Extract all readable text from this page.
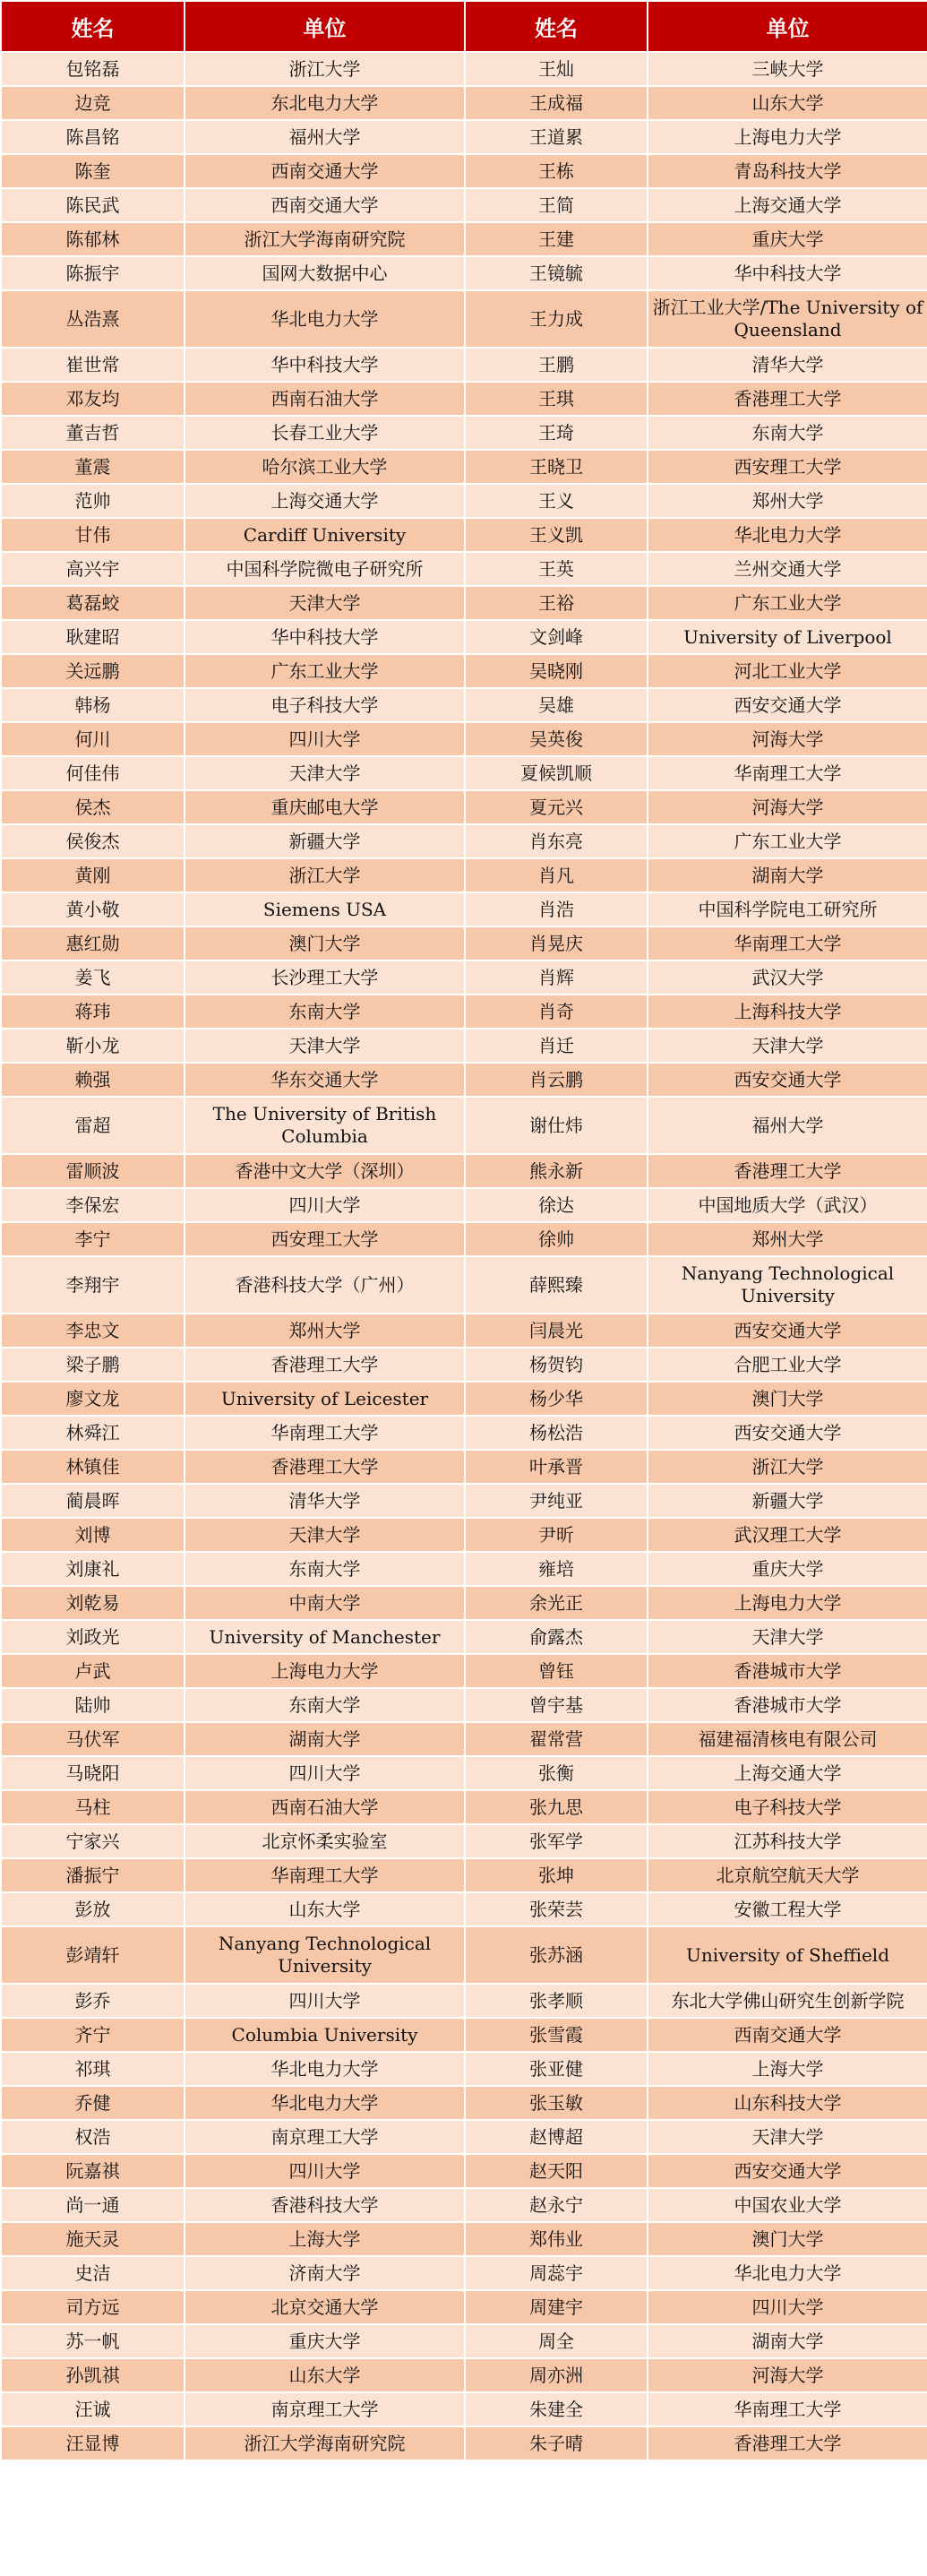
姓名	单位	姓名	单位
包铭磊	浙江大学	王灿	三峡大学
边竞	东北电力大学	王成福	山东大学
陈昌铭	福州大学	王道累	上海电力大学
陈奎	西南交通大学	王栋	青岛科技大学
陈民武	西南交通大学	王简	上海交通大学
陈郁林	浙江大学海南研究院	王建	重庆大学
陈振宇	国网大数据中心	王镜毓	华中科技大学
丛浩熹	华北电力大学	王力成	浙江工业大学/The University of Queensland
崔世常	华中科技大学	王鹏	清华大学
邓友均	西南石油大学	王琪	香港理工大学
董吉哲	长春工业大学	王琦	东南大学
董震	哈尔滨工业大学	王晓卫	西安理工大学
范帅	上海交通大学	王义	郑州大学
甘伟	Cardiff University	王义凯	华北电力大学
高兴宇	中国科学院微电子研究所	王英	兰州交通大学
葛磊蛟	天津大学	王裕	广东工业大学
耿建昭	华中科技大学	文剑峰	University of Liverpool
关远鹏	广东工业大学	吴晓刚	河北工业大学
韩杨	电子科技大学	吴雄	西安交通大学
何川	四川大学	吴英俊	河海大学
何佳伟	天津大学	夏候凯顺	华南理工大学
侯杰	重庆邮电大学	夏元兴	河海大学
侯俊杰	新疆大学	肖东亮	广东工业大学
黄刚	浙江大学	肖凡	湖南大学
黄小敬	Siemens USA	肖浩	中国科学院电工研究所
惠红勋	澳门大学	肖晃庆	华南理工大学
姜飞	长沙理工大学	肖辉	武汉大学
蒋玮	东南大学	肖奇	上海科技大学
靳小龙	天津大学	肖迁	天津大学
赖强	华东交通大学	肖云鹏	西安交通大学
雷超	The University of British Columbia	谢仕炜	福州大学
雷顺波	香港中文大学（深圳）	熊永新	香港理工大学
李保宏	四川大学	徐达	中国地质大学（武汉）
李宁	西安理工大学	徐帅	郑州大学
李翔宇	香港科技大学（广州）	薛熙臻	Nanyang Technological University
李忠文	郑州大学	闫晨光	西安交通大学
梁子鹏	香港理工大学	杨贺钧	合肥工业大学
廖文龙	University of Leicester	杨少华	澳门大学
林舜江	华南理工大学	杨松浩	西安交通大学
林镇佳	香港理工大学	叶承晋	浙江大学
蔺晨晖	清华大学	尹纯亚	新疆大学
刘博	天津大学	尹昕	武汉理工大学
刘康礼	东南大学	雍培	重庆大学
刘乾易	中南大学	余光正	上海电力大学
刘政光	University of Manchester	俞露杰	天津大学
卢武	上海电力大学	曾钰	香港城市大学
陆帅	东南大学	曾宇基	香港城市大学
马伏军	湖南大学	翟常营	福建福清核电有限公司
马晓阳	四川大学	张衡	上海交通大学
马柱	西南石油大学	张九思	电子科技大学
宁家兴	北京怀柔实验室	张军学	江苏科技大学
潘振宁	华南理工大学	张坤	北京航空航天大学
彭放	山东大学	张荣芸	安徽工程大学
彭靖轩	Nanyang Technological University	张苏涵	University of Sheffield
彭乔	四川大学	张孝顺	东北大学佛山研究生创新学院
齐宁	Columbia University	张雪霞	西南交通大学
祁琪	华北电力大学	张亚健	上海大学
乔健	华北电力大学	张玉敏	山东科技大学
权浩	南京理工大学	赵博超	天津大学
阮嘉祺	四川大学	赵天阳	西安交通大学
尚一通	香港科技大学	赵永宁	中国农业大学
施天灵	上海大学	郑伟业	澳门大学
史洁	济南大学	周蕊宇	华北电力大学
司方远	北京交通大学	周建宇	四川大学
苏一帆	重庆大学	周全	湖南大学
孙凯祺	山东大学	周亦洲	河海大学
汪诚	南京理工大学	朱建全	华南理工大学
汪显博	浙江大学海南研究院	朱子晴	香港理工大学
